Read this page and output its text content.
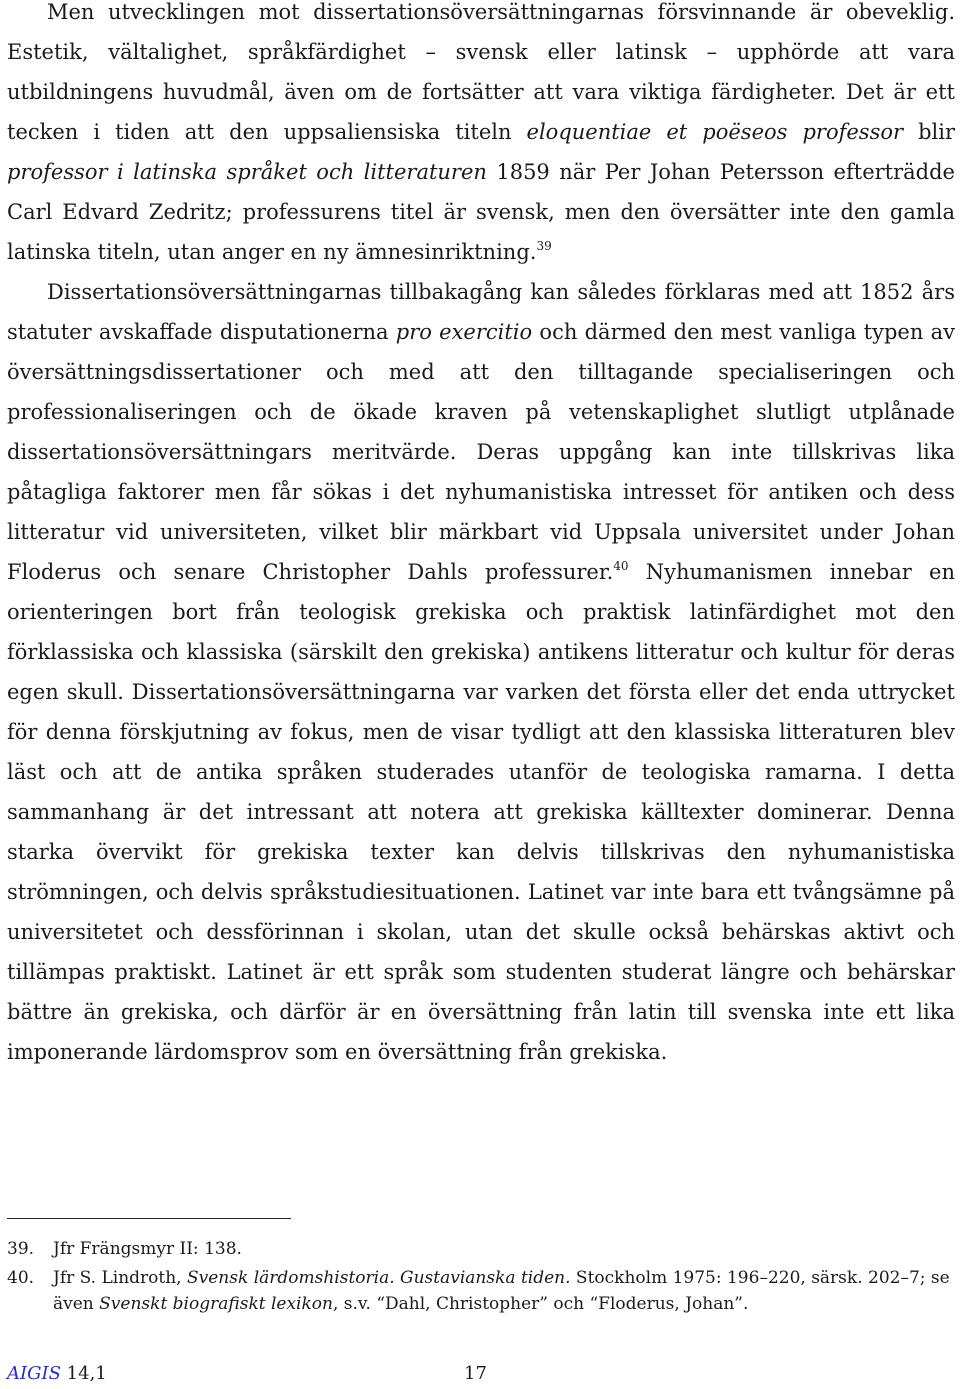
Men utvecklingen mot dissertationsöversättningarnas försvinnande är obeveklig. Estetik, vältalighet, språkfärdighet – svensk eller latinsk – upphörde att vara utbildningens huvudmål, även om de fortsätter att vara viktiga färdigheter. Det är ett tecken i tiden att den uppsaliensiska titeln eloquentiae et poëseos professor blir professor i latinska språket och litteraturen 1859 när Per Johan Petersson efterträdde Carl Edvard Zedritz; professurens titel är svensk, men den översätter inte den gamla latinska titeln, utan anger en ny ämnesinriktning.$^{39}$

Dissertationsöversättningarnas tillbakagång kan således förklaras med att 1852 års statuter avskaffade disputationerna pro exercitio och därmed den mest vanliga typen av översättningsdissertationer och med att den tilltagande specialiseringen och professionaliseringen och de ökade kraven på vetenskaplighet slutligt utplånade dissertationsöversättningars meritvärde. Deras uppgång kan inte tillskrivas lika påtagliga faktorer men får sökas i det nyhumanistiska intresset för antiken och dess litteratur vid universiteten, vilket blir märkbart vid Uppsala universitet under Johan Floderus och senare Christopher Dahls professurer.$^{40}$ Nyhumanismen innebar en orienteringen bort från teologisk grekiska och praktisk latinfärdighet mot den förklassiska och klassiska (särskilt den grekiska) antikens litteratur och kultur för deras egen skull. Dissertationsöversättningarna var varken det första eller det enda uttrycket för denna förskjutning av fokus, men de visar tydligt att den klassiska litteraturen blev läst och att de antika språken studerades utanför de teologiska ramarna. I detta sammanhang är det intressant att notera att grekiska källtexter dominerar. Denna starka övervikt för grekiska texter kan delvis tillskrivas den nyhumanistiska strömningen, och delvis språkstudiesituationen. Latinet var inte bara ett tvångsämne på universitetet och dessförinnan i skolan, utan det skulle också behärskas aktivt och tillämpas praktiskt. Latinet är ett språk som studenten studerat längre och behärskar bättre än grekiska, och därför är en översättning från latin till svenska inte ett lika imponerande lärdomsprov som en översättning från grekiska.

39.	Jfr Frängsmyr II: 138.
40.	Jfr S. Lindroth, Svensk lärdomshistoria. Gustavianska tiden. Stockholm 1975: 196–220, särsk. 202–7; se även Svenskt biografiskt lexikon, s.v. “Dahl, Christopher” och “Floderus, Johan”.
AIGIS 14,1	17
